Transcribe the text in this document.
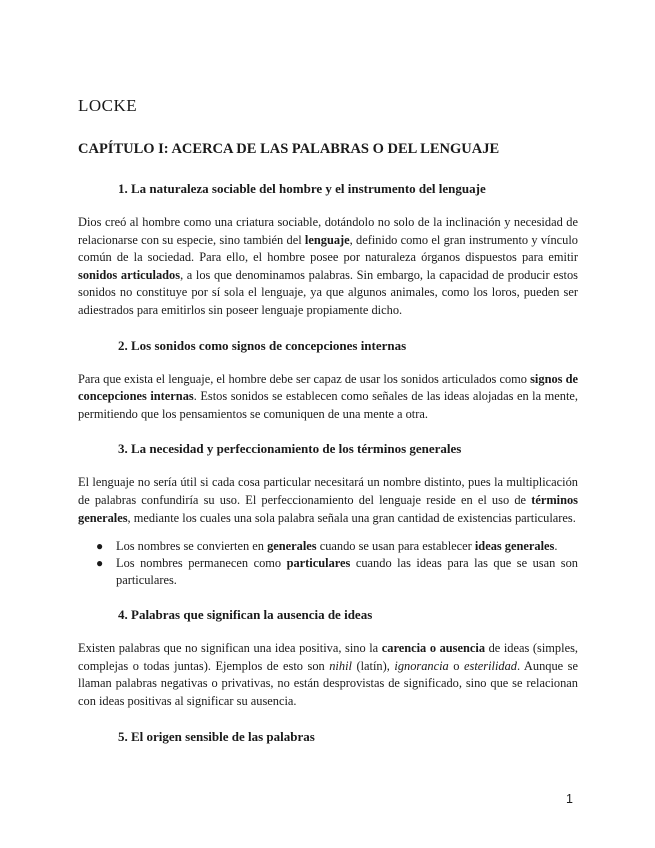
LOCKE
CAPÍTULO I: ACERCA DE LAS PALABRAS O DEL LENGUAJE
1. La naturaleza sociable del hombre y el instrumento del lenguaje

Dios creó al hombre como una criatura sociable, dotándolo no solo de la inclinación y necesidad de relacionarse con su especie, sino también del lenguaje, definido como el gran instrumento y vínculo común de la sociedad. Para ello, el hombre posee por naturaleza órganos dispuestos para emitir sonidos articulados, a los que denominamos palabras. Sin embargo, la capacidad de producir estos sonidos no constituye por sí sola el lenguaje, ya que algunos animales, como los loros, pueden ser adiestrados para emitirlos sin poseer lenguaje propiamente dicho.

2. Los sonidos como signos de concepciones internas

Para que exista el lenguaje, el hombre debe ser capaz de usar los sonidos articulados como signos de concepciones internas. Estos sonidos se establecen como señales de las ideas alojadas en la mente, permitiendo que los pensamientos se comuniquen de una mente a otra.

3. La necesidad y perfeccionamiento de los términos generales

El lenguaje no sería útil si cada cosa particular necesitará un nombre distinto, pues la multiplicación de palabras confundiría su uso. El perfeccionamiento del lenguaje reside en el uso de términos generales, mediante los cuales una sola palabra señala una gran cantidad de existencias particulares.

● Los nombres se convierten en generales cuando se usan para establecer ideas generales.
● Los nombres permanecen como particulares cuando las ideas para las que se usan son particulares.
4. Palabras que significan la ausencia de ideas

Existen palabras que no significan una idea positiva, sino la carencia o ausencia de ideas (simples, complejas o todas juntas). Ejemplos de esto son nihil (latín), ignorancia o esterilidad. Aunque se llaman palabras negativas o privativas, no están desprovistas de significado, sino que se relacionan con ideas positivas al significar su ausencia.

5. El origen sensible de las palabras
1
